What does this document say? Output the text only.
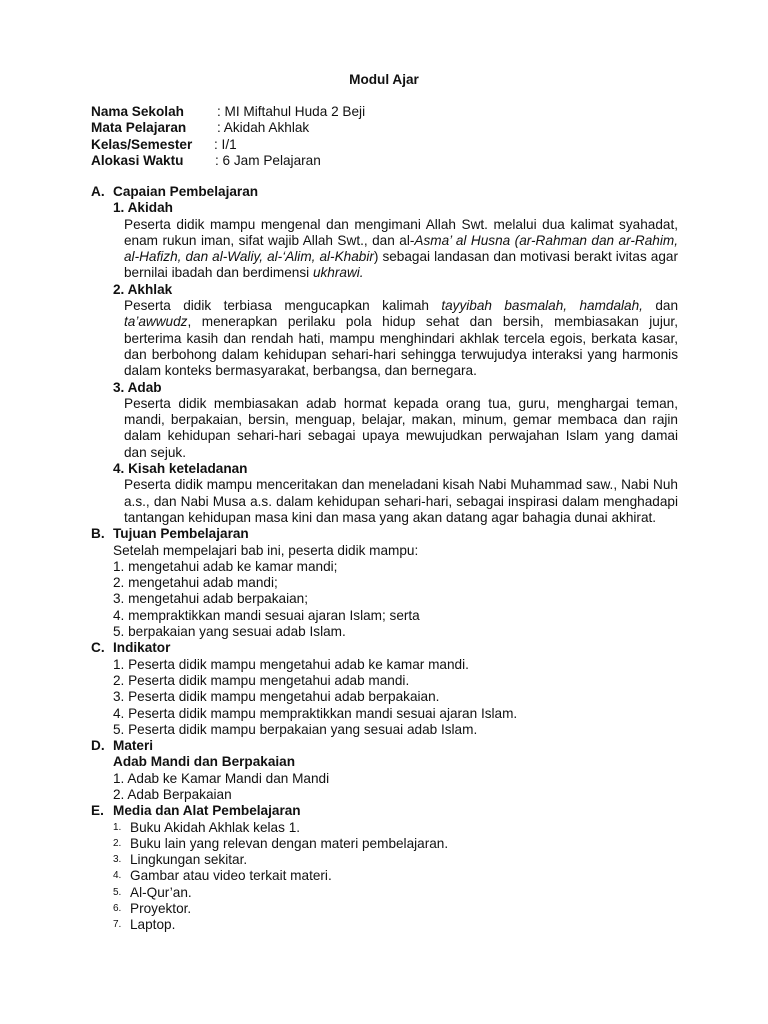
Modul Ajar
Nama Sekolah : MI Miftahul Huda 2 Beji
Mata Pelajaran : Akidah Akhlak
Kelas/Semester : I/1
Alokasi Waktu : 6 Jam Pelajaran
A. Capaian Pembelajaran
1. Akidah
Peserta didik mampu mengenal dan mengimani Allah Swt. melalui dua kalimat syahadat, enam rukun iman, sifat wajib Allah Swt., dan al-Asma’ al Husna (ar-Rahman dan ar-Rahim, al-Hafizh, dan al-Waliy, al-‘Alim, al-Khabir) sebagai landasan dan motivasi berakt ivitas agar bernilai ibadah dan berdimensi ukhrawi.
2. Akhlak
Peserta didik terbiasa mengucapkan kalimah tayyibah basmalah, hamdalah, dan ta’awwudz, menerapkan perilaku pola hidup sehat dan bersih, membiasakan jujur, berterima kasih dan rendah hati, mampu menghindari akhlak tercela egois, berkata kasar, dan berbohong dalam kehidupan sehari-hari sehingga terwujudya interaksi yang harmonis dalam konteks bermasyarakat, berbangsa, dan bernegara.
3. Adab
Peserta didik membiasakan adab hormat kepada orang tua, guru, menghargai teman, mandi, berpakaian, bersin, menguap, belajar, makan, minum, gemar membaca dan rajin dalam kehidupan sehari-hari sebagai upaya mewujudkan perwajahan Islam yang damai dan sejuk.
4. Kisah keteladanan
Peserta didik mampu menceritakan dan meneladani kisah Nabi Muhammad saw., Nabi Nuh a.s., dan Nabi Musa a.s. dalam kehidupan sehari-hari, sebagai inspirasi dalam menghadapi tantangan kehidupan masa kini dan masa yang akan datang agar bahagia dunai akhirat.
B. Tujuan Pembelajaran
Setelah mempelajari bab ini, peserta didik mampu:
1. mengetahui adab ke kamar mandi;
2. mengetahui adab mandi;
3. mengetahui adab berpakaian;
4. mempraktikkan mandi sesuai ajaran Islam; serta
5. berpakaian yang sesuai adab Islam.
C. Indikator
1. Peserta didik mampu mengetahui adab ke kamar mandi.
2. Peserta didik mampu mengetahui adab mandi.
3. Peserta didik mampu mengetahui adab berpakaian.
4. Peserta didik mampu mempraktikkan mandi sesuai ajaran Islam.
5. Peserta didik mampu berpakaian yang sesuai adab Islam.
D. Materi
Adab Mandi dan Berpakaian
1. Adab ke Kamar Mandi dan Mandi
2. Adab Berpakaian
E. Media dan Alat Pembelajaran
1. Buku Akidah Akhlak kelas 1.
2. Buku lain yang relevan dengan materi pembelajaran.
3. Lingkungan sekitar.
4. Gambar atau video terkait materi.
5. Al-Qur’an.
6. Proyektor.
7. Laptop.
